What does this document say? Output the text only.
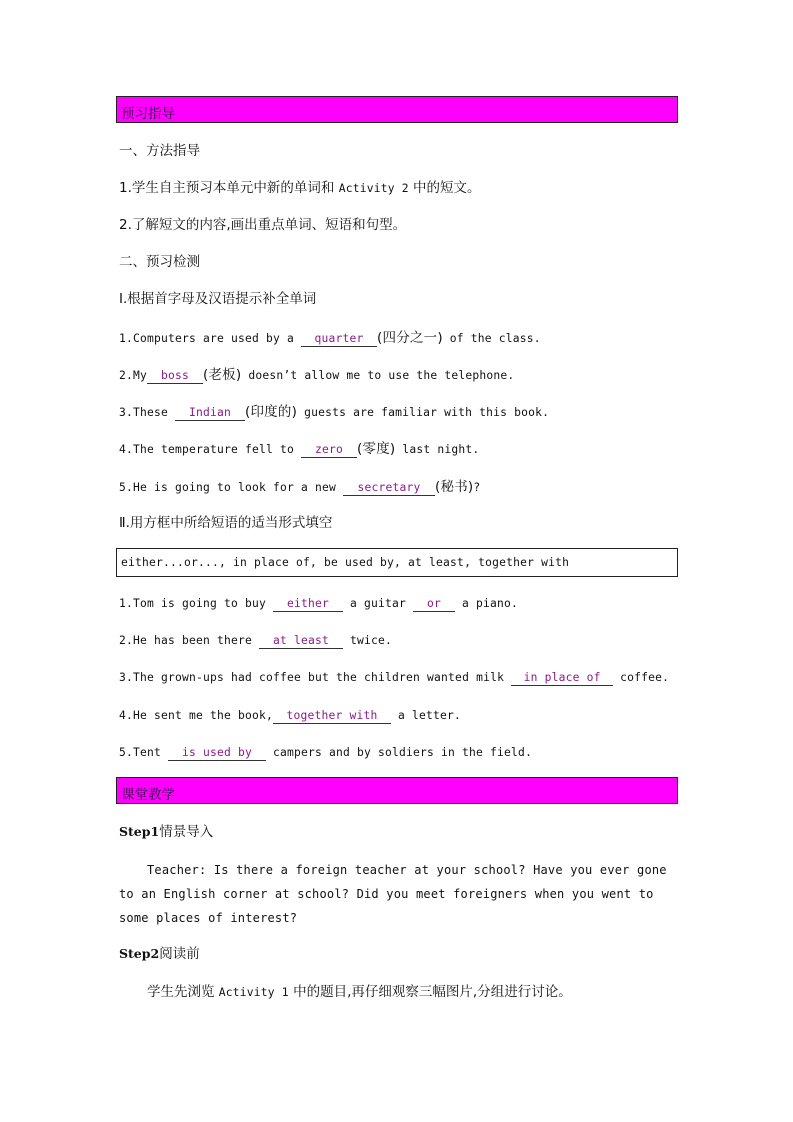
预习指导
一、方法指导
1.学生自主预习本单元中新的单词和 Activity 2 中的短文。
2.了解短文的内容,画出重点单词、短语和句型。
二、预习检测
Ⅰ.根据首字母及汉语提示补全单词
1.Computers are used by a quarter (四分之一) of the class.
2.My boss (老板) doesn’t allow me to use the telephone.
3.These Indian (印度的) guests are familiar with this book.
4.The temperature fell to zero (零度) last night.
5.He is going to look for a new secretary (秘书)?
Ⅱ.用方框中所给短语的适当形式填空
either...or..., in place of, be used by, at least, together with
1.Tom is going to buy either a guitar or a piano.
2.He has been there at least twice.
3.The grown-ups had coffee but the children wanted milk in place of coffee.
4.He sent me the book, together with a letter.
5.Tent is used by campers and by soldiers in the field.
课堂教学
Step1情景导入
Teacher: Is there a foreign teacher at your school? Have you ever gone to an English corner at school? Did you meet foreigners when you went to some places of interest?
Step2阅读前
学生先浏览 Activity 1 中的题目,再仔细观察三幅图片,分组进行讨论。
